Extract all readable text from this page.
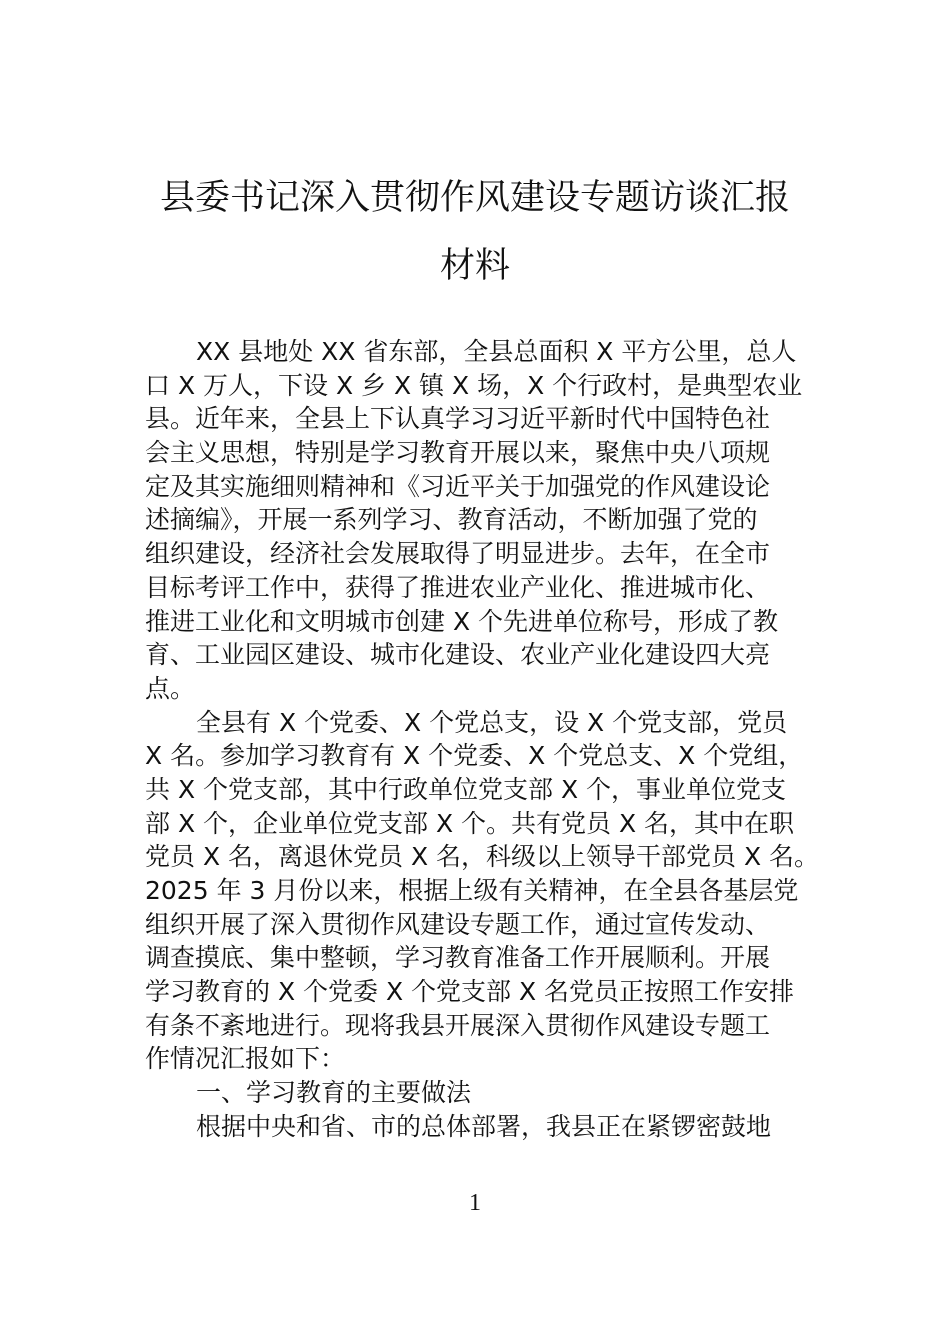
县委书记深入贯彻作风建设专题访谈汇报
材料
XX 县地处 XX 省东部，全县总面积 X 平方公里，总人
口 X 万人，下设 X 乡 X 镇 X 场，X 个行政村，是典型农业
县。近年来，全县上下认真学习习近平新时代中国特色社
会主义思想，特别是学习教育开展以来，聚焦中央八项规
定及其实施细则精神和《习近平关于加强党的作风建设论
述摘编》，开展一系列学习、教育活动，不断加强了党的
组织建设，经济社会发展取得了明显进步。去年，在全市
目标考评工作中，获得了推进农业产业化、推进城市化、
推进工业化和文明城市创建 X 个先进单位称号，形成了教
育、工业园区建设、城市化建设、农业产业化建设四大亮
点。
全县有 X 个党委、X 个党总支，设 X 个党支部，党员
X 名。参加学习教育有 X 个党委、X 个党总支、X 个党组，
共 X 个党支部，其中行政单位党支部 X 个，事业单位党支
部 X 个，企业单位党支部 X 个。共有党员 X 名，其中在职
党员 X 名，离退休党员 X 名，科级以上领导干部党员 X 名。
2025 年 3 月份以来，根据上级有关精神，在全县各基层党
组织开展了深入贯彻作风建设专题工作，通过宣传发动、
调查摸底、集中整顿，学习教育准备工作开展顺利。开展
学习教育的 X 个党委 X 个党支部 X 名党员正按照工作安排
有条不紊地进行。现将我县开展深入贯彻作风建设专题工
作情况汇报如下：
一、学习教育的主要做法
根据中央和省、市的总体部署，我县正在紧锣密鼓地
1
